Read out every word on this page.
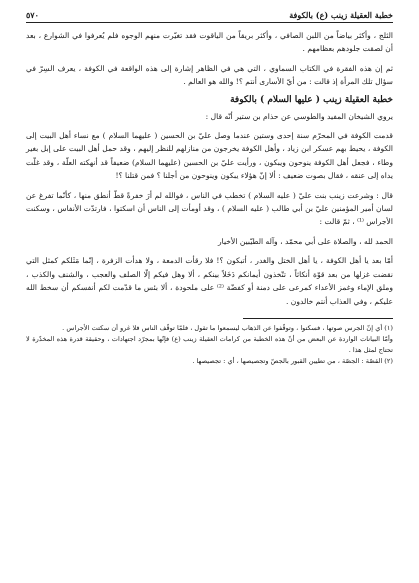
خطبة العقيلة زينب (ع) بالكوفة
٥٧٠

الثلج ، وأكثر بياضاً من اللبن الصافي ، وأكثر بريقاً من الياقوت فقد تغيّرت منهم الوجوه فلم يُعرفوا في الشوارع ، بعد أن لصقت جلودهم بعظامهم .

ثم إن هذه الفقرة في الكتاب السماوي ، التي هي في الظاهر إشارة إلى هذه الواقعة في الكوفة ، يعرف السِرّ في سؤال تلك المرأة إذ قالت : من أيّ الأسارى أنتم ؟! والله هو العالم .

خطبة العقيلة زينب ( عليها السلام ) بالكوفة

يروي الشيخان المفيد والطوسي عن حذام بن ستير أنّه قال :

قدمت الكوفة في المحرّم سنة إحدى وستين عندما وصل عليّ بن الحسين ( عليهما السلام ) مع نساء أهل البيت إلى الكوفة ، يحيط بهم عسكر ابن زياد ، وأهل الكوفة يخرجون من منازلهم للنظر إليهم ، وقد حمل أهل البيت على إبل بغير وطاء ، فجعل أهل الكوفة ينوحون ويبكون ، ورأيت عليّ بن الحسين (عليهما السلام) ضعيفاً قد أنهكته العلّة ، وقد غلّت يداه إلى عنقه ، فقال بصوت ضعيف : ألا إنّ هؤلاء يبكون وينوحون من أجلنا ؟ فمن قتلنا ؟!

قال : وشرعت زينب بنت عليّ ( عليه السلام ) تخطب في الناس ، فوالله لم أرَ خفرةً قطّ أنطق منها ، كأنّما تفرغ عن لسان أمير المؤمنين عليّ بن أبي طالب ( عليه السلام ) ، وقد أومأت إلى الناس أن اسكتوا ، فارتدّت الأنفاس ، وسكنت الأجراس ⁽¹⁾ ، ثمّ قالت :

الحمد لله ، والصلاة على أبي محمّد ، وآله الطيّبين الأخيار

أمّا بعد يا أهل الكوفة ، يا أهل الختل والغدر ، أتبكون ؟! فلا رقأت الدمعة ، ولا هدأت الزفرة ، إنّما مَثَلكم كمثل التي نقضت غزلها من بعد قوّة أنكاثاً ، تتّخذون أيمانكم دَخَلاً بينكم ، ألا وهل فيكم إلّا الصلف والعجب ، والشنف والكذب ، وملق الإماء وغمز الأعداء كمرعى على دمنة أو كفضّة ⁽²⁾ على ملحودة ، ألا بئس ما قدّمت لكم أنفسكم أن سخط الله عليكم ، وفي العذاب أنتم خالدون .

(١) أي إنّ الجرس صوتها ، فسكتوا ، وتوقّفوا عن الذهاب ليسمعوا ما تقول ، فلمّا توقّف الناس فلا غرو أن سكتت الأجراس .

وأمّا البيانات الواردة عن البعض من أنّ هذه الخطبة من كرامات العقيلة زينب (ع) فإنّها بمجرّد اجتهادات ، وحقيقة قدرة هذه المخدّرة لا تحتاج لمثل هذا .

(٢) القصّة : الجصّة ، من تطيين القبور بالجصّ وتجصيصها ، أي : تجصيصها .
